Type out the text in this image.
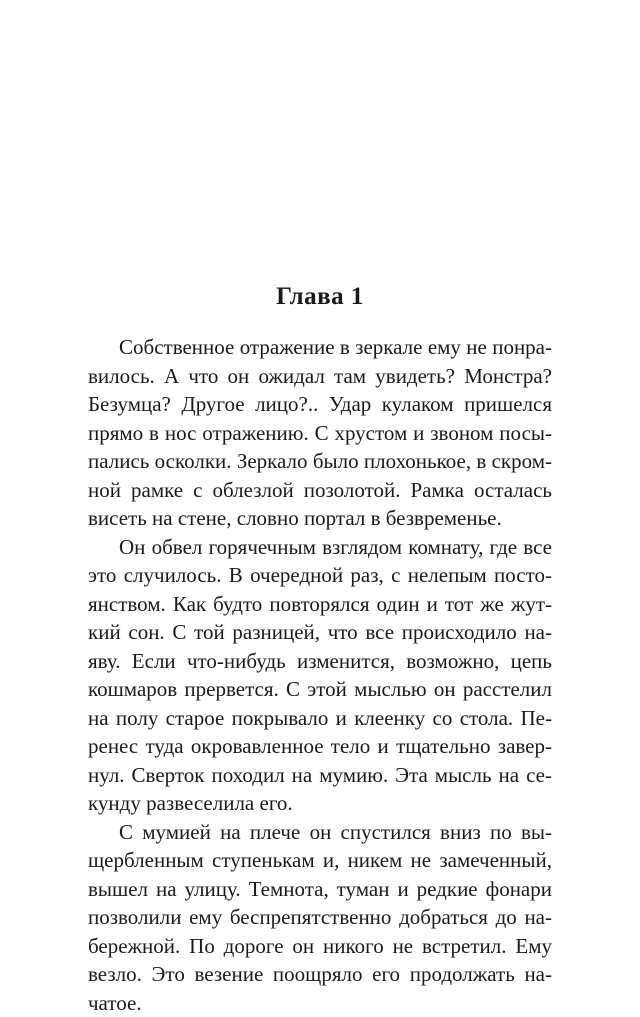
Глава 1
Собственное отражение в зеркале ему не понра-
вилось. А что он ожидал там увидеть? Монстра?
Безумца? Другое лицо?.. Удар кулаком пришелся
прямо в нос отражению. С хрустом и звоном посы-
пались осколки. Зеркало было плохонькое, в скром-
ной рамке с облезлой позолотой. Рамка осталась
висеть на стене, словно портал в безвременье.
Он обвел горячечным взглядом комнату, где все
это случилось. В очередной раз, с нелепым посто-
янством. Как будто повторялся один и тот же жут-
кий сон. С той разницей, что все происходило на-
яву. Если что-нибудь изменится, возможно, цепь
кошмаров прервется. С этой мыслью он расстелил
на полу старое покрывало и клеенку со стола. Пе-
ренес туда окровавленное тело и тщательно завер-
нул. Сверток походил на мумию. Эта мысль на се-
кунду развеселила его.
С мумией на плече он спустился вниз по вы-
щербленным ступенькам и, никем не замеченный,
вышел на улицу. Темнота, туман и редкие фонари
позволили ему беспрепятственно добраться до на-
бережной. По дороге он никого не встретил. Ему
везло. Это везение поощряло его продолжать на-
чатое.
